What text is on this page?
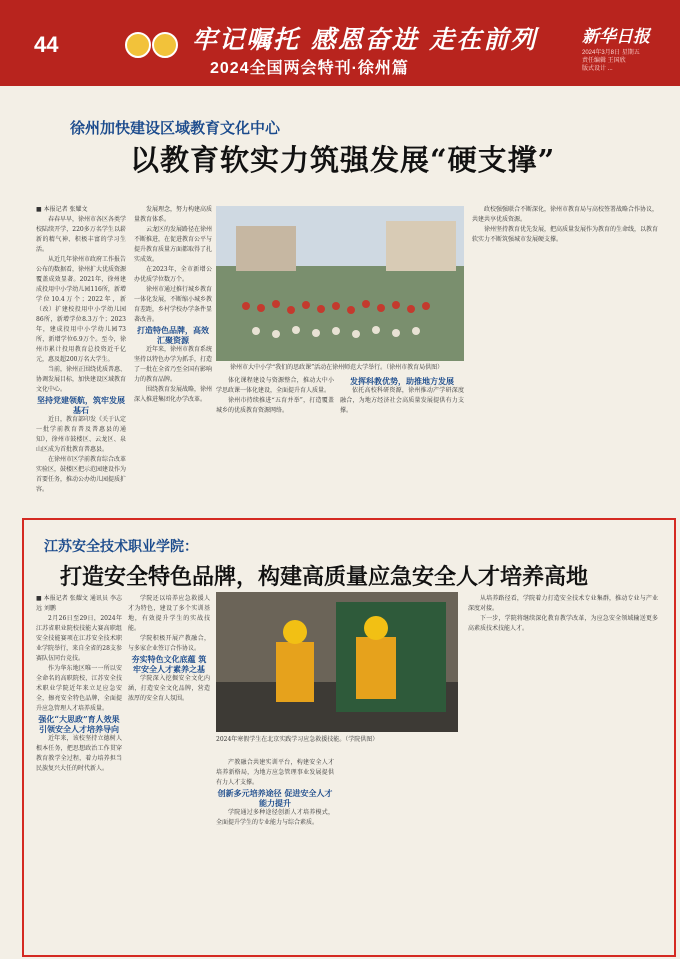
44	牢记嘱托 感恩奋进 走在前列
2024全国两会特刊·徐州篇
新华日报
2024年3月8日 星期五
责任编辑 王国欣
版式设计 ...
徐州加快建设区域教育文化中心
以教育软实力筑强发展“硬支撑”

■ 本报记者 张耀文

春春早早，徐州市各区各类学校陆续开学，220多万名学生以崭新的精气神、积极丰富的学习生活。

从近几年徐州市政府工作报告公布的数据看，徐州扩大优质资源覆盖成效显著。2021年，徐州建成投用中小学幼儿园116所，新增学位10.4万个；2022年，新（改）扩建校投用中小学幼儿园86所，新增学位8.3万个；2023年，建成投用中小学幼儿园73所，新增学位6.9万个。至今，徐州市累计投用教育总投资近千亿元，惠及超200万名大学生。

当前，徐州正围绕优质普惠、协调发展目标，加快建设区域教育文化中心。

坚持党建领航，筑牢发展基石

近日，教育部印发《关于认定一批学前教育普及普惠县的通知》，徐州市鼓楼区、云龙区、泉山区成为首批教育普惠县。

在徐州市区学前教育综合改革实验区，鼓楼区把示范园建设作为首要任务，推动公办幼儿园提质扩容。

发展理念，努力构建高质量教育体系。

云龙区的发展路径在徐州不断推进，在促进教育公平与提升教育质量方面都取得了扎实成效。

在2023年，全市新增公办优质学位数万个。

徐州市通过推行城乡教育一体化发展，不断缩小城乡教育差距，乡村学校办学条件显著改善。

打造特色品牌，高效汇聚资源

近年来，徐州市教育系统坚持以特色办学为抓手，打造了一批在全省乃至全国有影响力的教育品牌。

围绕教育发展战略，徐州深入推进集团化办学改革。

徐州市大中小学“我们的思政课”活动在徐州师范大学举行。（徐州市教育局供图）

体化课程建设与资源整合，推动大中小学思政课一体化建设，全面提升育人质量。

徐州市持续推进“五育并举”，打造覆盖城乡的优质教育资源网络。

发挥科教优势，助推地方发展

依托高校科研资源，徐州推动产学研深度融合，为地方经济社会高质量发展提供有力支撑。

政校强强联合不断深化，徐州市教育局与高校签署战略合作协议，共建共享优质资源。

徐州坚持教育优先发展，把高质量发展作为教育的生命线，以教育软实力不断筑强城市发展硬支撑。

江苏安全技术职业学院：
打造安全特色品牌，构建高质量应急安全人才培养高地

■ 本报记者 张耀文 通讯员 李志远 刘鹏

2月26日至29日，2024年江苏省职业院校技能大赛高职组安全技能赛项在江苏安全技术职业学院举行，来自全省的28支参赛队伍同台竞技。

作为华东地区唯一一所以安全命名的高职院校，江苏安全技术职业学院近年来立足应急安全，擦亮安全特色品牌，全面提升应急管理人才培养质量。

强化“大思政”育人效果 引领安全人才培养导向

近年来，该校坚持立德树人根本任务，把思想政治工作贯穿教育教学全过程，着力培养担当民族复兴大任的时代新人。

学院还以培养应急救援人才为特色，建设了多个实训基地，有效提升学生的实战技能。

学院积极开展产教融合，与多家企业签订合作协议。

夯实特色文化底蕴 筑牢安全人才素养之基

学院深入挖掘安全文化内涵，打造安全文化品牌，营造浓厚的安全育人氛围。

2024年寒假学生在北京实践学习应急救援技能。（学院供图）

产教融合共建实训平台，构建安全人才培养新格局，为地方应急管理事业发展提供有力人才支撑。

创新多元培养途径 促进安全人才能力提升

学院通过多种途径创新人才培养模式，全面提升学生的专业能力与综合素质。

从培养路径看，学院着力打造安全技术专业集群，推动专业与产业深度对接。

下一步，学院将继续深化教育教学改革，为应急安全领域输送更多高素质技术技能人才。
